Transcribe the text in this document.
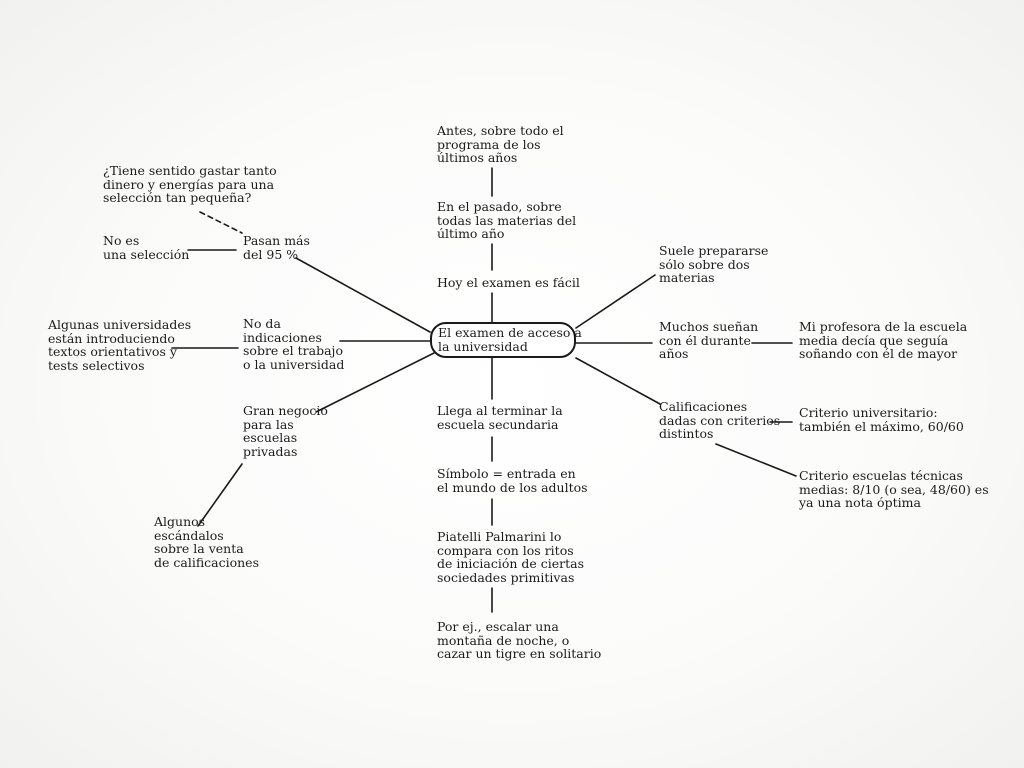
El examen de acceso a
la universidad

Antes, sobre todo el
programa de los
últimos años

En el pasado, sobre
todas las materias del
último año

Hoy el examen es fácil

Llega al terminar la
escuela secundaria

Símbolo = entrada en
el mundo de los adultos

Piatelli Palmarini lo
compara con los ritos
de iniciación de ciertas
sociedades primitivas

Por ej., escalar una
montaña de noche, o
cazar un tigre en solitario

¿Tiene sentido gastar tanto
dinero y energías para una
selección tan pequeña?

No es
una selección

Pasan más
del 95 %

Algunas universidades
están introduciendo
textos orientativos y
tests selectivos

No da
indicaciones
sobre el trabajo
o la universidad

Gran negocio
para las
escuelas
privadas

Algunos
escándalos
sobre la venta
de calificaciones

Suele prepararse
sólo sobre dos
materias

Muchos sueñan
con él durante
años

Mi profesora de la escuela
media decía que seguía
soñando con él de mayor

Calificaciones
dadas con criterios
distintos

Criterio universitario:
también el máximo, 60/60

Criterio escuelas técnicas
medias: 8/10 (o sea, 48/60) es
ya una nota óptima
